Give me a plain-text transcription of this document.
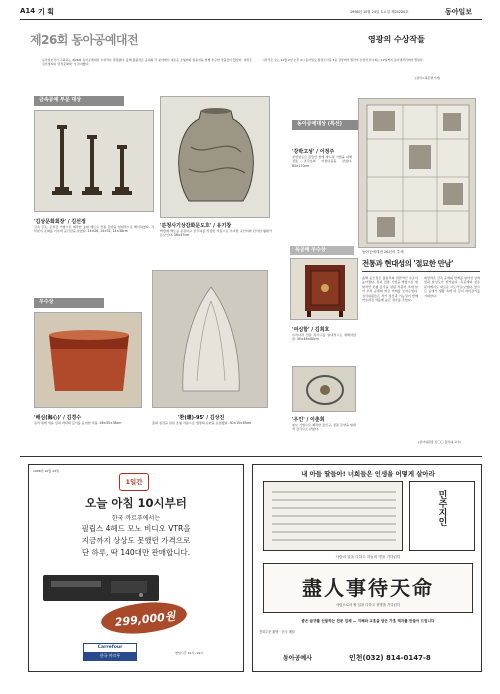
A14 기 획	1998년 10월 24일 토요일 제24220호	동아일보
제26회 동아공예대전	영광의 수상작들
동아일보사가 주최하는 제26회 동아공예대전 수상작이 결정됐다. 올해 출품작은 공예의 각 분야에서 새로운 조형미와 실용성을 함께 추구한 작품들이 많았다. 대상은 김선정씨의 '김상문화회' 가 차지했다.
시상식은 오는 11월 2일 오후 3시 동아일보 충정로사옥 3층 강당에서 열리며 수상작 전시회는 12일까지 동아갤러리에서 열린다.
(정리=허문명기자)
금속공예 부문 대상
'김상문화회장' / 김선정
금속 주조, 은상감 기법으로 제작한 촛대 세트로 전통 문양을 현대적으로 해석하였다. 각 부분이 조화를 이루며 공간감을 살렸다. 14×26, 14×31, 14×38cm
'분청사기상감화문도호' / 유기창
바탕에 백토를 분장하고 꽃무늬를 상감한 작품으로 우아한 곡선미와 단아한 형태가 돋보인다. 36×47cm
동아공예대상 (특선)
'강박고성' / 이정주
천연염료로 물들인 천에 바느질 기법을 더해 전통 조각보의 아름다움을 살렸다. 85×170cm
우수상
'해심(海心)' / 김경수
유리 위에 색을 입혀 바다의 깊이를 표현한 작품. 46×35×38cm
'환(還)-95' / 김상진
흙의 질감을 살린 조형 작품으로 생명의 순환을 표현했다. 30×15×65cm
목공예 우수상
'여심함' / 김희호
우리나라 전통 목가구를 현대적으로 재해석한 함. 40×46×80cm
'우인' / 이춘희
칠보 기법으로 제작한 장신구. 전통 문양을 현대적 감각으로 살렸다.
동아공예대전 26년의 추세
전통과 현대성의 '절묘한 만남'
올해 공모전은 출품작의 전반적인 수준이 높아졌다. 특히 전통 기법을 바탕으로 현대적인 조형 감각을 살린 작품이 크게 늘어 우리 공예의 밝은 미래를 보여주었다. 심사위원들은 작가 정신과 기능성이 함께 어우러진 작품에 높은 점수를 주었다.
대상작은 금속 공예의 한계를 넘어선 섬세함과 완성도가 뛰어났다. 목공예와 섬유 분야에서도 새로운 시도가 돋보였다. 앞으로 공예가 생활 속에 더 깊이 자리잡기를 기대한다.
(심사위원장 김〇〇 홍익대 교수)
1998년 10월 24일
1일간
오늘 아침 10시부터
한국 까르푸에서는
필립스 4헤드 모노 비디오 VTR을
지금까지 상상도 못했던 가격으로
단 하루, 딱 140대만 판매합니다.
299,000원
Carrefour
한국 까르푸	영업시간 10시~22시
내 아들 딸들아! 너희들은 인생을 어떻게 살아라
민주지인
사람의 일을 다하고 하늘의 명을 기다린다
盡人事待天命
사람으로서 할 일을 다하고 천명을 기다린다
좋은 글귀를 선물하는 전문 업체 — 지혜와 교훈을 담은 가훈 액자를 만들어 드립니다
전화주문 환영 · 전국 배달
동아공예사	인천(032) 814-0147-8
